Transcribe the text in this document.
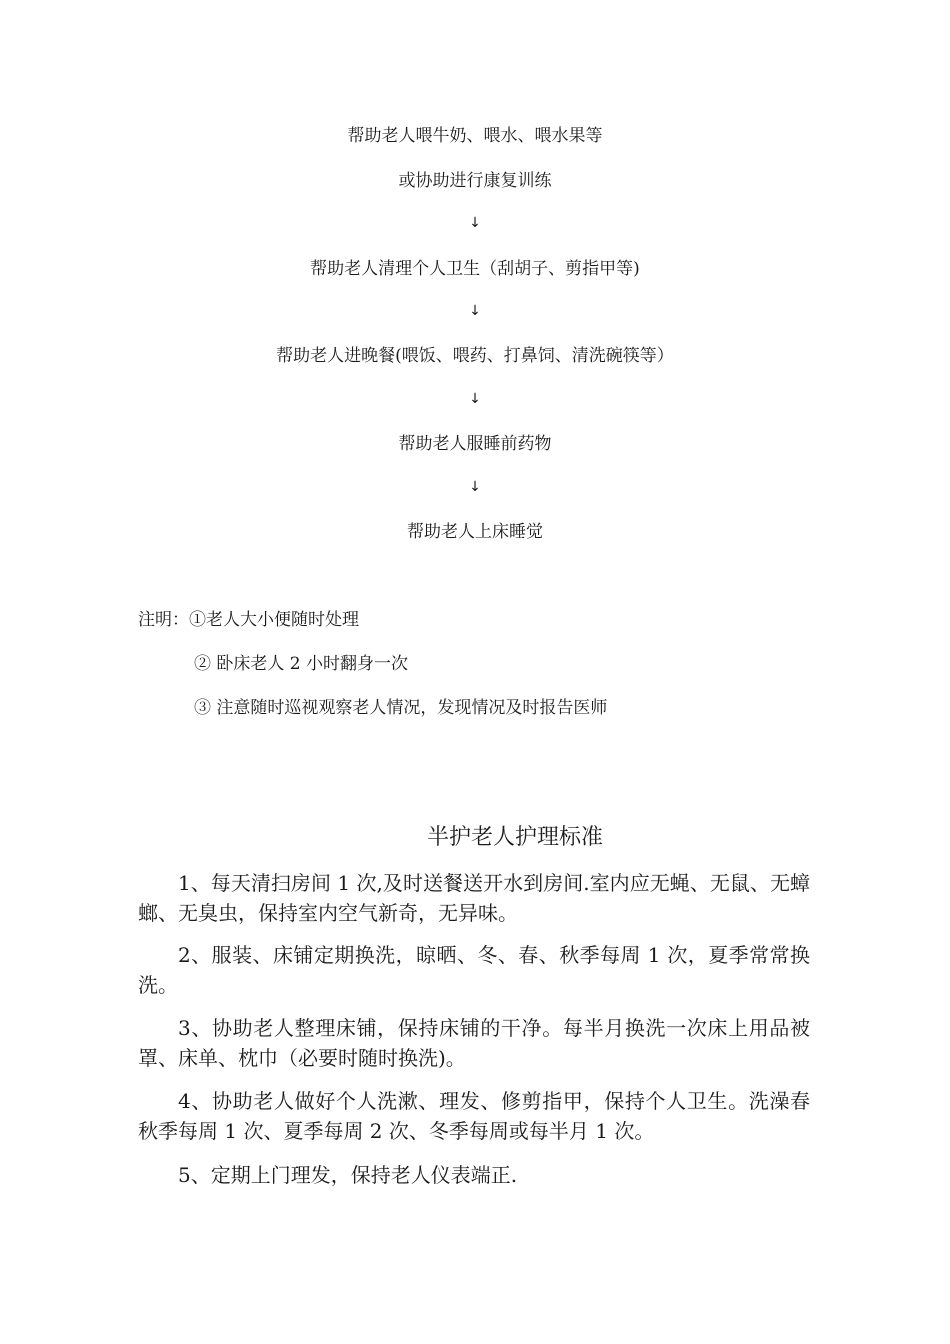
帮助老人喂牛奶、喂水、喂水果等
或协助进行康复训练
↓
帮助老人清理个人卫生（刮胡子、剪指甲等)
↓
帮助老人进晚餐(喂饭、喂药、打鼻饲、清洗碗筷等）
↓
帮助老人服睡前药物
↓
帮助老人上床睡觉
注明：①老人大小便随时处理
② 卧床老人 2 小时翻身一次
③ 注意随时巡视观察老人情况，发现情况及时报告医师
半护老人护理标准

1、每天清扫房间 1 次,及时送餐送开水到房间.室内应无蝇、无鼠、无蟑螂、无臭虫，保持室内空气新奇，无异味。

2、服装、床铺定期换洗，晾晒、冬、春、秋季每周 1 次，夏季常常换洗。

3、协助老人整理床铺，保持床铺的干净。每半月换洗一次床上用品被罩、床单、枕巾（必要时随时换洗)。

4、协助老人做好个人洗漱、理发、修剪指甲，保持个人卫生。洗澡春秋季每周 1 次、夏季每周 2 次、冬季每周或每半月 1 次。

5、定期上门理发，保持老人仪表端正.
